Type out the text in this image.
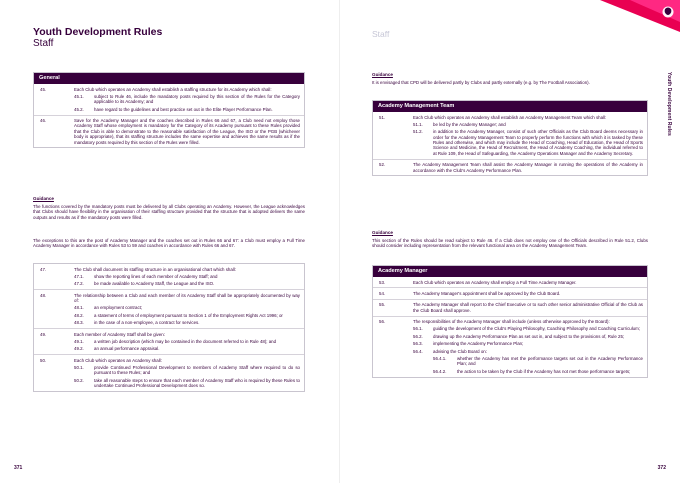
Youth Development Rules
Staff
General
45.	Each Club which operates an Academy shall establish a staffing structure for its Academy which shall:
45.1.	subject to Rule 46, include the mandatory posts required by this section of the Rules for the Category applicable to its Academy; and
45.2.	have regard to the guidelines and best practice set out in the Elite Player Performance Plan.
46.	Save for the Academy Manager and the coaches described in Rules 66 and 67, a Club need not employ those Academy Staff whose employment is mandatory for the Category of its Academy pursuant to these Rules provided that the Club is able to demonstrate to the reasonable satisfaction of the League, the ISO or the PGB (whichever body is appropriate), that its staffing structure includes the same expertise and achieves the same results as if the mandatory posts required by this section of the Rules were filled.
Guidance
The functions covered by the mandatory posts must be delivered by all Clubs operating an Academy. However, the League acknowledges that Clubs should have flexibility in the organisation of their staffing structure provided that the structure that is adopted delivers the same outputs and results as if the mandatory posts were filled.
The exceptions to this are the post of Academy Manager and the coaches set out in Rules 66 and 67: a Club must employ a Full Time Academy Manager in accordance with Rules 53 to 59 and coaches in accordance with Rules 66 and 67.
47.	The Club shall document its staffing structure in an organisational chart which shall:
47.1.	show the reporting lines of each member of Academy Staff; and
47.2.	be made available to Academy Staff, the League and the ISO.
48.	The relationship between a Club and each member of its Academy Staff shall be appropriately documented by way of:
48.1.	an employment contract;
48.2.	a statement of terms of employment pursuant to Section 1 of the Employment Rights Act 1996; or
48.3.	in the case of a non-employee, a contract for services.
49.	Each member of Academy Staff shall be given:
49.1.	a written job description (which may be contained in the document referred to in Rule 48); and
49.2.	an annual performance appraisal.
50.	Each Club which operates an Academy shall:
50.1.	provide Continued Professional Development to members of Academy Staff where required to do so pursuant to these Rules; and
50.2.	take all reasonable steps to ensure that each member of Academy Staff who is required by these Rules to undertake Continued Professional Development does so.
371
Staff
Youth Development Rules
Guidance
It is envisaged that CPD will be delivered partly by Clubs and partly externally (e.g. by The Football Association).
Academy Management Team
51.	Each Club which operates an Academy shall establish an Academy Management Team which shall:
51.1.	be led by the Academy Manager; and
51.2.	in addition to the Academy Manager, consist of such other Officials as the Club Board deems necessary in order for the Academy Management Team to properly perform the functions with which it is tasked by these Rules and otherwise, and which may include the Head of Coaching, Head of Education, the Head of Sports Science and Medicine, the Head of Recruitment, the Head of Academy Coaching, the individual referred to at Rule 109, the Head of Safeguarding, the Academy Operations Manager and the Academy Secretary.
52.	The Academy Management Team shall assist the Academy Manager in running the operations of the Academy in accordance with the Club's Academy Performance Plan.
Guidance
This section of the Rules should be read subject to Rule 46. If a Club does not employ one of the Officials described in Rule 51.2, Clubs should consider including representation from the relevant functional area on the Academy Management Team.
Academy Manager
53.	Each Club which operates an Academy shall employ a Full Time Academy Manager.
54.	The Academy Manager's appointment shall be approved by the Club Board.
55.	The Academy Manager shall report to the Chief Executive or to such other senior administrative Official of the Club as the Club Board shall approve.
56.	The responsibilities of the Academy Manager shall include (unless otherwise approved by the Board):
56.1.	guiding the development of the Club's Playing Philosophy, Coaching Philosophy and Coaching Curriculum;
56.2.	drawing up the Academy Performance Plan as set out in, and subject to the provisions of, Rule 25;
56.3.	implementing the Academy Performance Plan;
56.4.	advising the Club Board on:
56.4.1.	whether the Academy has met the performance targets set out in the Academy Performance Plan; and
56.4.2.	the action to be taken by the Club if the Academy has not met those performance targets;
372
